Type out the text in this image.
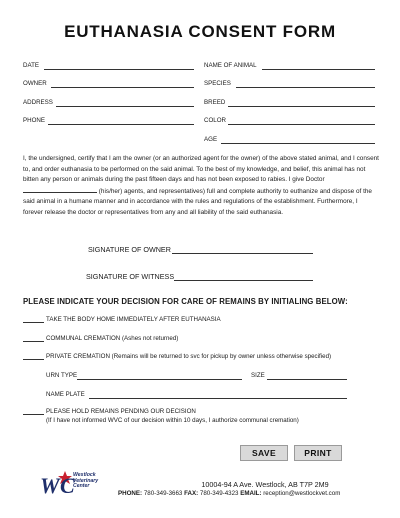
EUTHANASIA CONSENT FORM
DATE
OWNER
ADDRESS
PHONE
NAME OF ANIMAL
SPECIES
BREED
COLOR
AGE
I, the undersigned, certify that I am the owner (or an authorized agent for the owner) of the above stated animal, and I consent to, and order euthanasia to be performed on the said animal. To the best of my knowledge, and belief, this animal has not bitten any person or animals during the past fifteen days and has not been exposed to rabies. I give Doctor  (his/her) agents, and representatives) full and complete authority to euthanize and dispose of the said animal in a humane manner and in accordance with the rules and regulations of the establishment. Furthermore, I forever release the doctor or representatives from any and all liability of the said euthanasia.
SIGNATURE OF OWNER
SIGNATURE OF WITNESS
PLEASE INDICATE YOUR DECISION FOR CARE OF REMAINS BY INITIALING BELOW:
TAKE THE BODY HOME IMMEDIATELY AFTER EUTHANASIA
COMMUNAL CREMATION (Ashes not returned)
PRIVATE CREMATION (Remains will be returned to svc for pickup by owner unless otherwise specified)
URN TYPE	SIZE
NAME PLATE
PLEASE HOLD REMAINS PENDING OUR DECISION
(If I have not informed WVC of our decision within 10 days, I authorize communal cremation)
SAVE	PRINT
W C
Westlock
Veterinary
Center	10004-94 A Ave. Westlock, AB T7P 2M9
PHONE: 780-349-3663 FAX: 780-349-4323 EMAIL: reception@westlockvet.com
